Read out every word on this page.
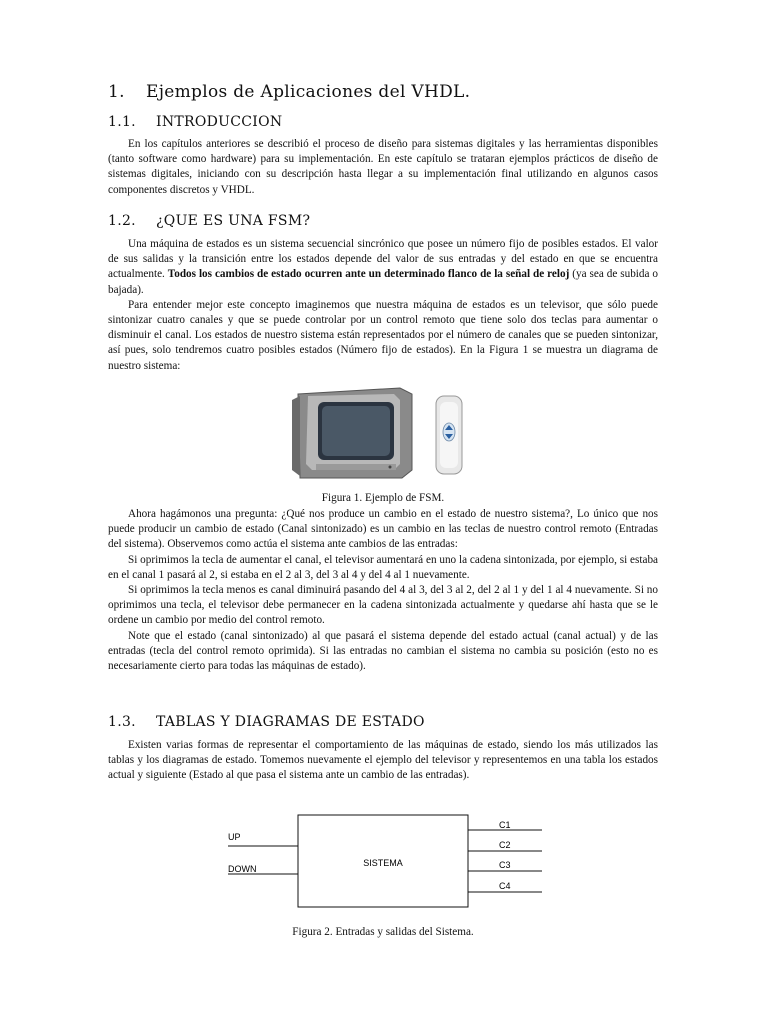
1. Ejemplos de Aplicaciones del VHDL.
1.1. INTRODUCCION

En los capítulos anteriores se describió el proceso de diseño para sistemas digitales y las herramientas disponibles (tanto software como hardware) para su implementación. En este capítulo se trataran ejemplos prácticos de diseño de sistemas digitales, iniciando con su descripción hasta llegar a su implementación final utilizando en algunos casos componentes discretos y VHDL.

1.2. ¿QUE ES UNA FSM?

Una máquina de estados es un sistema secuencial sincrónico que posee un número fijo de posibles estados. El valor de sus salidas y la transición entre los estados depende del valor de sus entradas y del estado en que se encuentra actualmente. Todos los cambios de estado ocurren ante un determinado flanco de la señal de reloj (ya sea de subida o bajada).

Para entender mejor este concepto imaginemos que nuestra máquina de estados es un televisor, que sólo puede sintonizar cuatro canales y que se puede controlar por un control remoto que tiene solo dos teclas para aumentar o disminuir el canal. Los estados de nuestro sistema están representados por el número de canales que se pueden sintonizar, así pues, solo tendremos cuatro posibles estados (Número fijo de estados). En la Figura 1 se muestra un diagrama de nuestro sistema:

Figura 1. Ejemplo de FSM.

Ahora hagámonos una pregunta: ¿Qué nos produce un cambio en el estado de nuestro sistema?, Lo único que nos puede producir un cambio de estado (Canal sintonizado) es un cambio en las teclas de nuestro control remoto (Entradas del sistema). Observemos como actúa el sistema ante cambios de las entradas:

Si oprimimos la tecla de aumentar el canal, el televisor aumentará en uno la cadena sintonizada, por ejemplo, si estaba en el canal 1 pasará al 2, si estaba en el 2 al 3, del 3 al 4 y del 4 al 1 nuevamente.

Si oprimimos la tecla menos es canal diminuirá pasando del 4 al 3, del 3 al 2, del 2 al 1 y del 1 al 4 nuevamente. Si no oprimimos una tecla, el televisor debe permanecer en la cadena sintonizada actualmente y quedarse ahí hasta que se le ordene un cambio por medio del control remoto.

Note que el estado (canal sintonizado) al que pasará el sistema depende del estado actual (canal actual) y de las entradas (tecla del control remoto oprimida). Si las entradas no cambian el sistema no cambia su posición (esto no es necesariamente cierto para todas las máquinas de estado).

1.3. TABLAS Y DIAGRAMAS DE ESTADO

Existen varias formas de representar el comportamiento de las máquinas de estado, siendo los más utilizados las tablas y los diagramas de estado. Tomemos nuevamente el ejemplo del televisor y representemos en una tabla los estados actual y siguiente (Estado al que pasa el sistema ante un cambio de las entradas).

SISTEMA
UP
DOWN
C1
C2
C3
C4
Figura 2. Entradas y salidas del Sistema.
